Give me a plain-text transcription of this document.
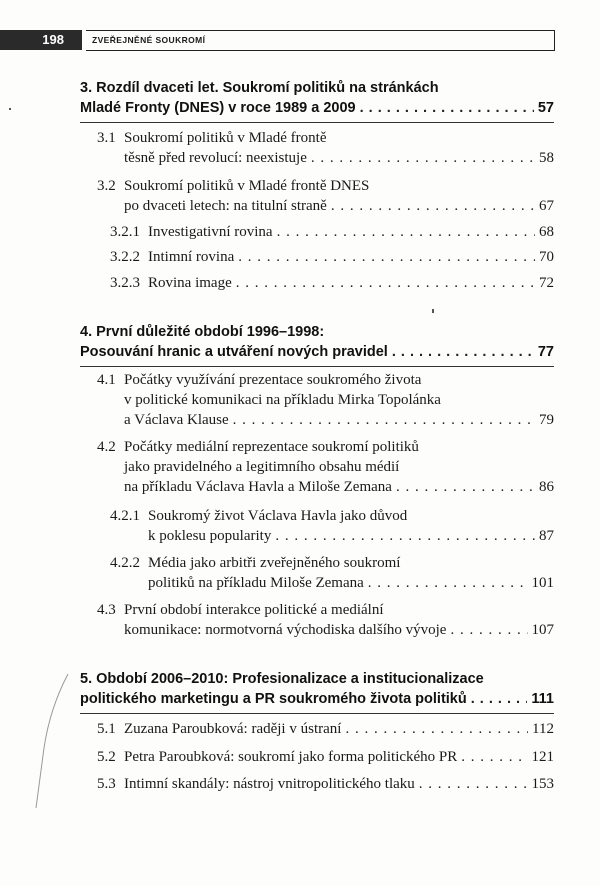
198	ZVEŘEJNĚNÉ SOUKROMÍ
3. Rozdíl dvaceti let. Soukromí politiků na stránkách
Mladé Fronty (DNES) v roce 1989 a 2009 . . .	57
3.1 Soukromí politiků v Mladé frontě
těsně před revolucí: neexistuje . . .	58
3.2 Soukromí politiků v Mladé frontě DNES
po dvaceti letech: na titulní straně . . .	67
3.2.1 Investigativní rovina . . .	68
3.2.2 Intimní rovina . . .	70
3.2.3 Rovina image . . .	72
4. První důležité období 1996–1998:
Posouvání hranic a utváření nových pravidel . . .	77
4.1 Počátky využívání prezentace soukromého života
v politické komunikaci na příkladu Mirka Topolánka
a Václava Klause . . .	79
4.2 Počátky mediální reprezentace soukromí politiků
jako pravidelného a legitimního obsahu médií
na příkladu Václava Havla a Miloše Zemana . . .	86
4.2.1 Soukromý život Václava Havla jako důvod
k poklesu popularity . . .	87
4.2.2 Média jako arbitři zveřejněného soukromí
politiků na příkladu Miloše Zemana . . .	101
4.3 První období interakce politické a mediální
komunikace: normotvorná východiska dalšího vývoje . . .	107
5. Období 2006–2010: Profesionalizace a institucionalizace
politického marketingu a PR soukromého života politiků . . .	111
5.1 Zuzana Paroubková: raději v ústraní . . .	112
5.2 Petra Paroubková: soukromí jako forma politického PR . . .	121
5.3 Intimní skandály: nástroj vnitropolitického tlaku . . .	153
